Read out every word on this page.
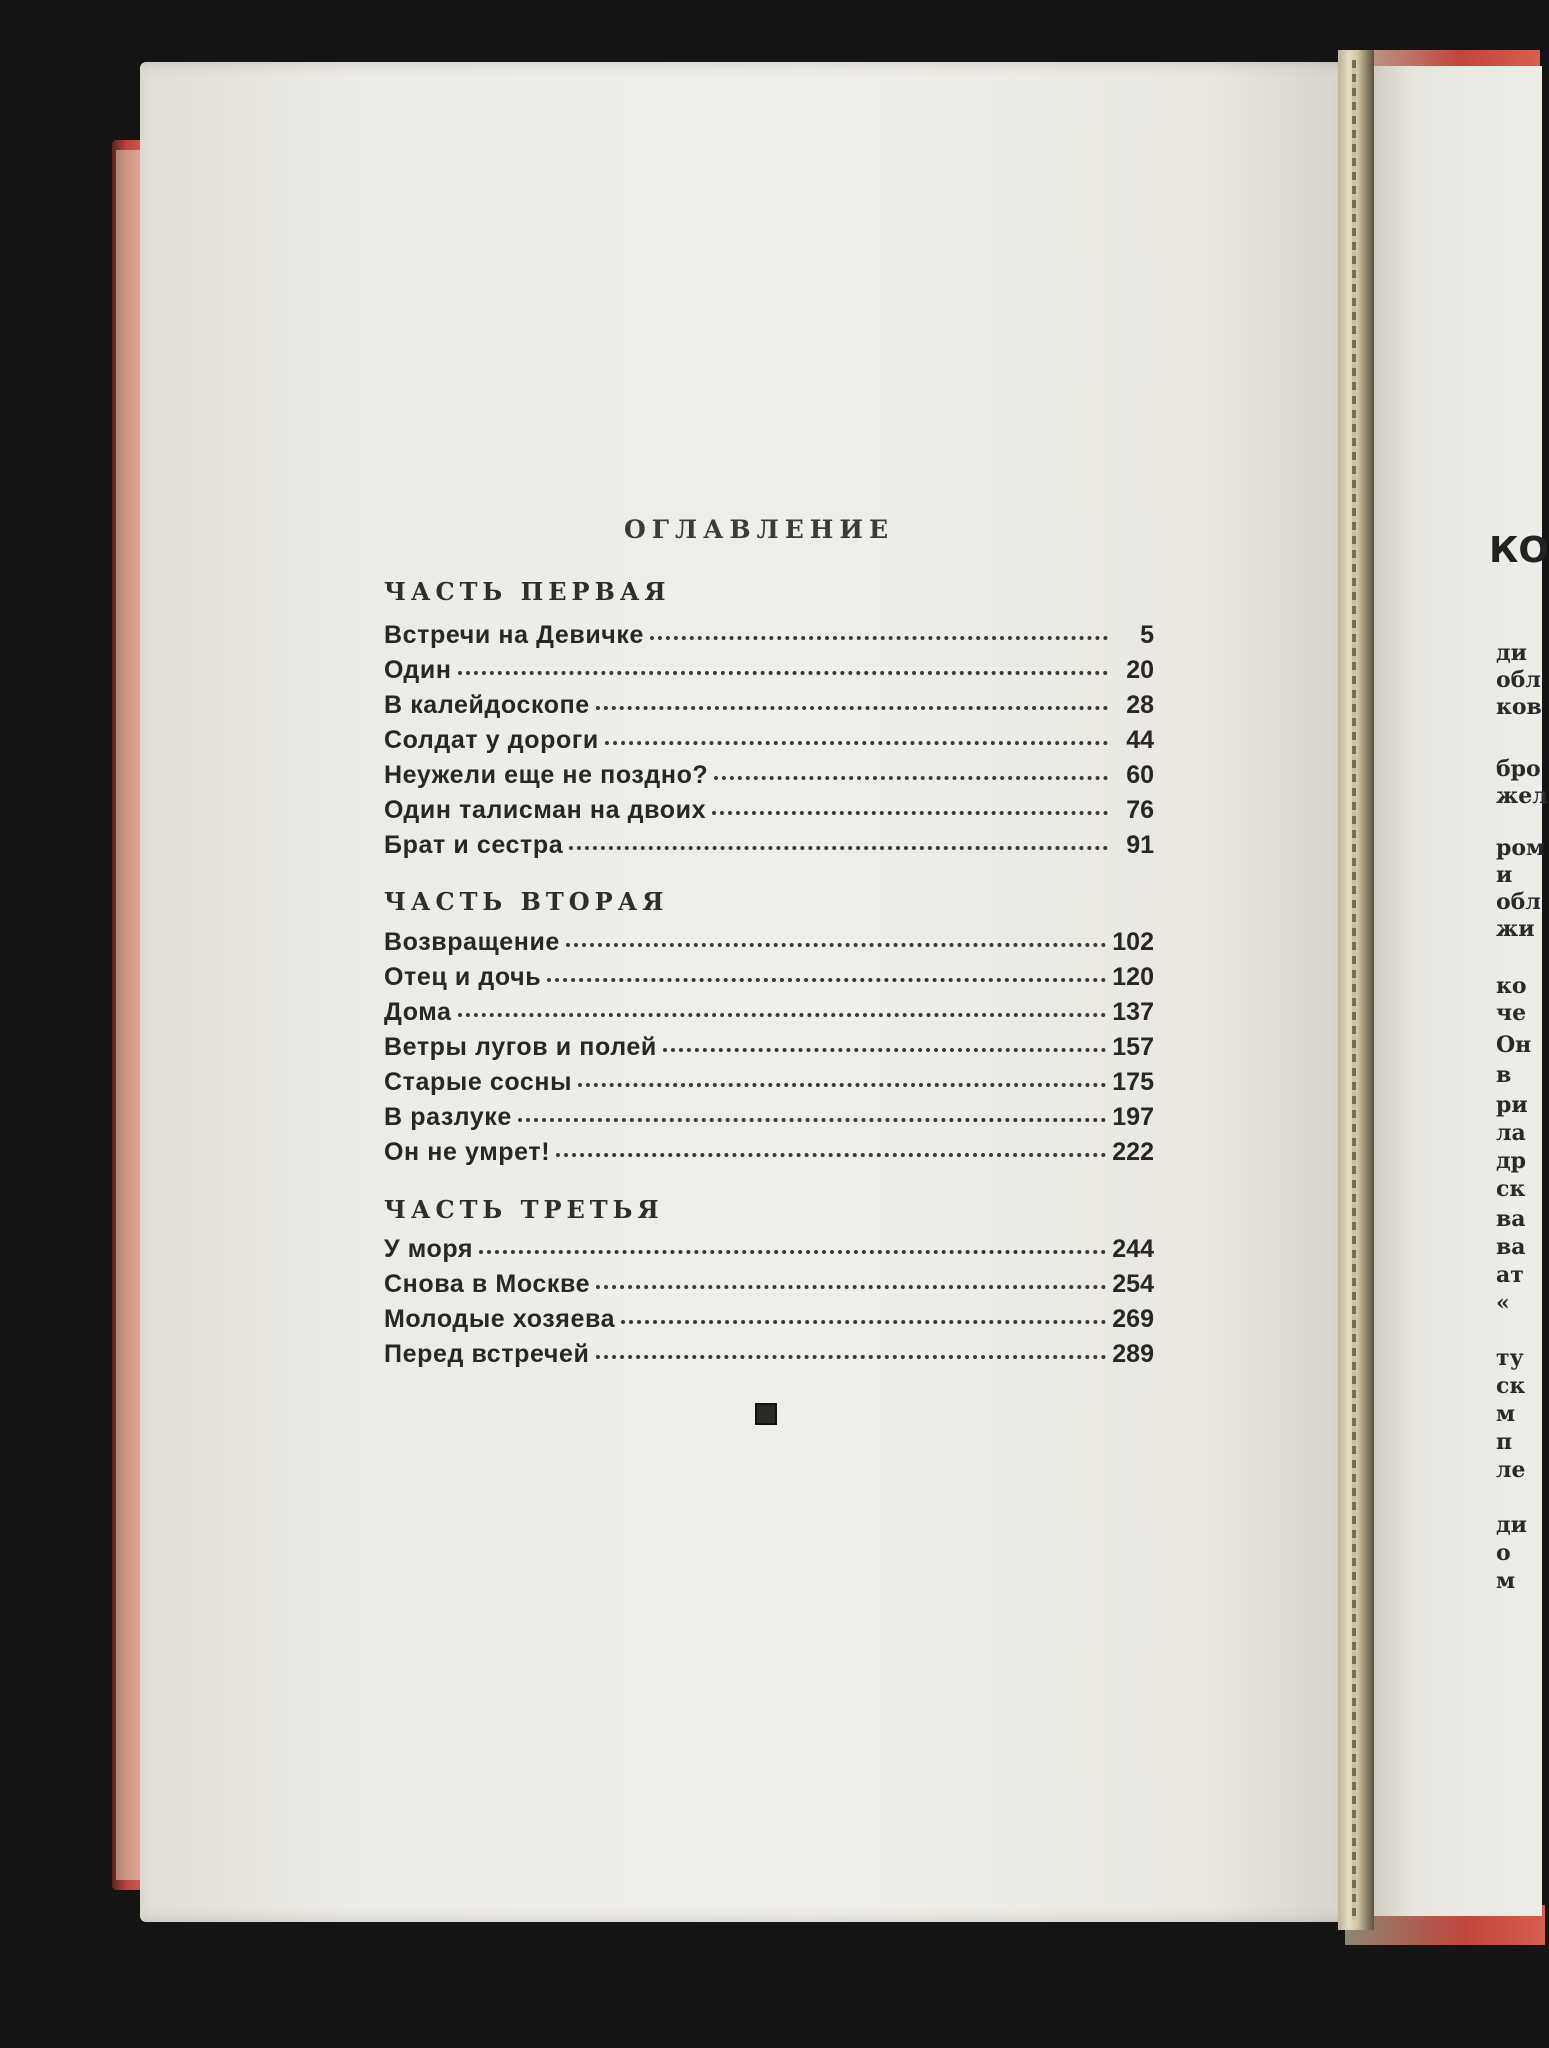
ОГЛАВЛЕНИЕ
ЧАСТЬ ПЕРВАЯ
Встречи на Девичке	5
Один	20
В калейдоскопе	28
Солдат у дороги	44
Неужели еще не поздно?	60
Один талисман на двоих	76
Брат и сестра	91
ЧАСТЬ ВТОРАЯ
Возвращение	102
Отец и дочь	120
Дома	137
Ветры лугов и полей	157
Старые сосны	175
В разлуке	197
Он не умрет!	222
ЧАСТЬ ТРЕТЬЯ
У моря	244
Снова в Москве	254
Молодые хозяева	269
Перед встречей	289
КО
ди
обл
ков
бро
жел
ром
и
обл
жи
ко
че
Он
в
ри
ла
др
ск
ва
ва
ат
«
ту
ск
м
п
ле
ди
о
м
